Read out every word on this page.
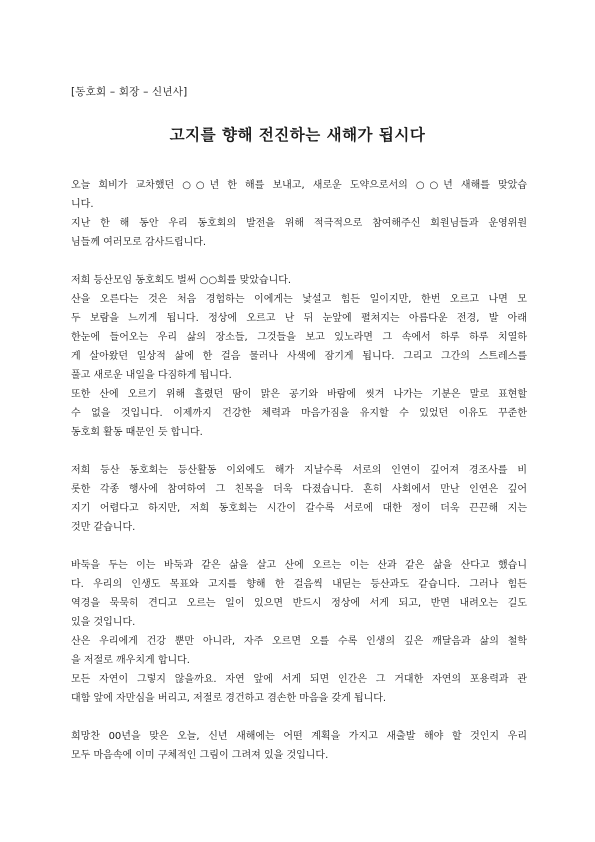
[동호회 – 회장 – 신년사]
고지를 향해 전진하는 새해가 됩시다
오늘 희비가 교차했던 ○○년 한 해를 보내고, 새로운 도약으로서의 ○○년 새해를 맞았습
니다.
지난 한 해 동안 우리 동호회의 발전을 위해 적극적으로 참여해주신 회원님들과 운영위원
님들께 여러모로 감사드립니다.
저희 등산모임 동호회도 벌써 ○○회를 맞았습니다.
산을 오른다는 것은 처음 경험하는 이에게는 낯설고 힘든 일이지만, 한번 오르고 나면 모
두 보람을 느끼게 됩니다. 정상에 오르고 난 뒤 눈앞에 펼쳐지는 아름다운 전경, 발 아래
한눈에 들어오는 우리 삶의 장소들, 그것들을 보고 있노라면 그 속에서 하루 하루 치열하
게 살아왔던 일상적 삶에 한 걸음 물러나 사색에 잠기게 됩니다. 그리고 그간의 스트레스를
풀고 새로운 내일을 다짐하게 됩니다.
또한 산에 오르기 위해 흘렸던 땀이 맑은 공기와 바람에 씻겨 나가는 기분은 말로 표현할
수 없을 것입니다. 이제까지 건강한 체력과 마음가짐을 유지할 수 있었던 이유도 꾸준한
동호회 활동 때문인 듯 합니다.
저희 등산 동호회는 등산활동 이외에도 해가 지날수록 서로의 인연이 깊어져 경조사를 비
롯한 각종 행사에 참여하여 그 친목을 더욱 다졌습니다. 흔히 사회에서 만난 인연은 깊어
지기 어렵다고 하지만, 저희 동호회는 시간이 갈수록 서로에 대한 정이 더욱 끈끈해 지는
것만 같습니다.
바둑을 두는 이는 바둑과 같은 삶을 살고 산에 오르는 이는 산과 같은 삶을 산다고 했습니
다. 우리의 인생도 목표와 고지를 향해 한 걸음씩 내딛는 등산과도 같습니다. 그러나 힘든
역경을 묵묵히 견디고 오르는 일이 있으면 반드시 정상에 서게 되고, 반면 내려오는 길도
있을 것입니다.
산은 우리에게 건강 뿐만 아니라, 자주 오르면 오를 수록 인생의 깊은 깨달음과 삶의 철학
을 저절로 깨우치게 합니다.
모든 자연이 그렇지 않을까요. 자연 앞에 서게 되면 인간은 그 거대한 자연의 포용력과 관
대함 앞에 자만심을 버리고, 저절로 경건하고 겸손한 마음을 갖게 됩니다.
희망찬 00년을 맞은 오늘, 신년 새해에는 어떤 계획을 가지고 새출발 해야 할 것인지 우리
모두 마음속에 이미 구체적인 그림이 그려져 있을 것입니다.
